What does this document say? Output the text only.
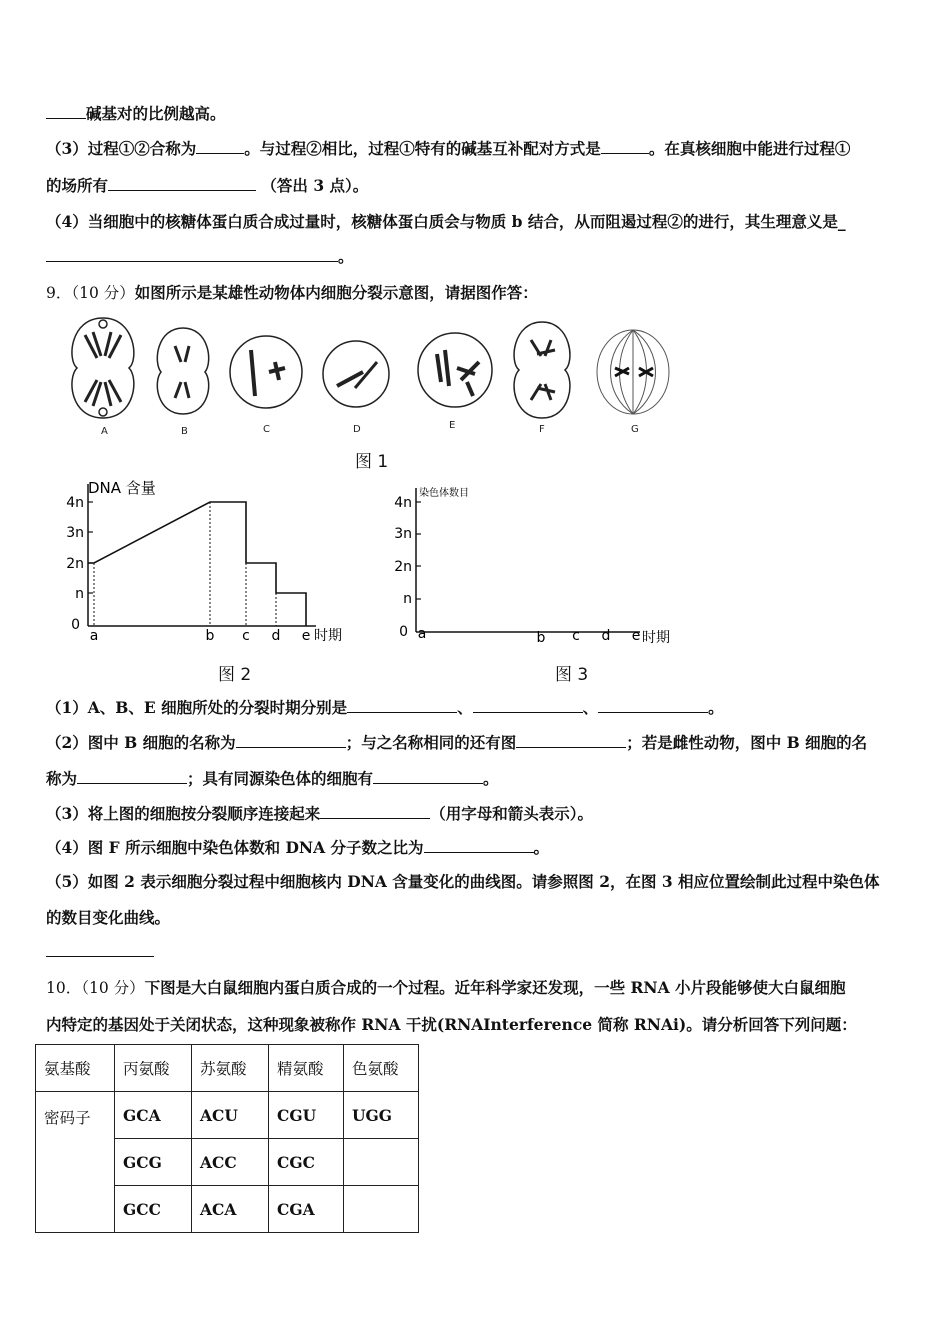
碱基对的比例越高。
（3）过程①②合称为	。与过程②相比，过程①特有的碱基互补配对方式是	。在真核细胞中能进行过程①
的场所有	（答出 3 点）。
（4）当细胞中的核糖体蛋白质合成过量时，核糖体蛋白质会与物质 b 结合，从而阻遏过程②的进行，其生理意义是_
。
9．（10 分）如图所示是某雄性动物体内细胞分裂示意图，请据图作答：
A	B	C	D	E	F	G
图 1
DNA 含量
4n
3n
2n
n
0
a	b c d e 时期
图 2
染色体数目
4n
3n
2n
n
0 a	b c d e 时期
图 3
（1）A、B、E 细胞所处的分裂时期分别是	、	、	。
（2）图中 B 细胞的名称为	；与之名称相同的还有图	；若是雌性动物，图中 B 细胞的名
称为	；具有同源染色体的细胞有	。
（3）将上图的细胞按分裂顺序连接起来	（用字母和箭头表示）。
（4）图 F 所示细胞中染色体数和 DNA 分子数之比为	。
（5）如图 2 表示细胞分裂过程中细胞核内 DNA 含量变化的曲线图。请参照图 2，在图 3 相应位置绘制此过程中染色体
的数目变化曲线。
10．（10 分）下图是大白鼠细胞内蛋白质合成的一个过程。近年科学家还发现，一些 RNA 小片段能够使大白鼠细胞
内特定的基因处于关闭状态，这种现象被称作 RNA 干扰(RNAInterference 简称 RNAi)。请分析回答下列问题：
氨基酸	丙氨酸	苏氨酸	精氨酸	色氨酸
密码子	GCA	ACU	CGU	UGG
	GCG	ACC	CGC	
	GCC	ACA	CGA	
